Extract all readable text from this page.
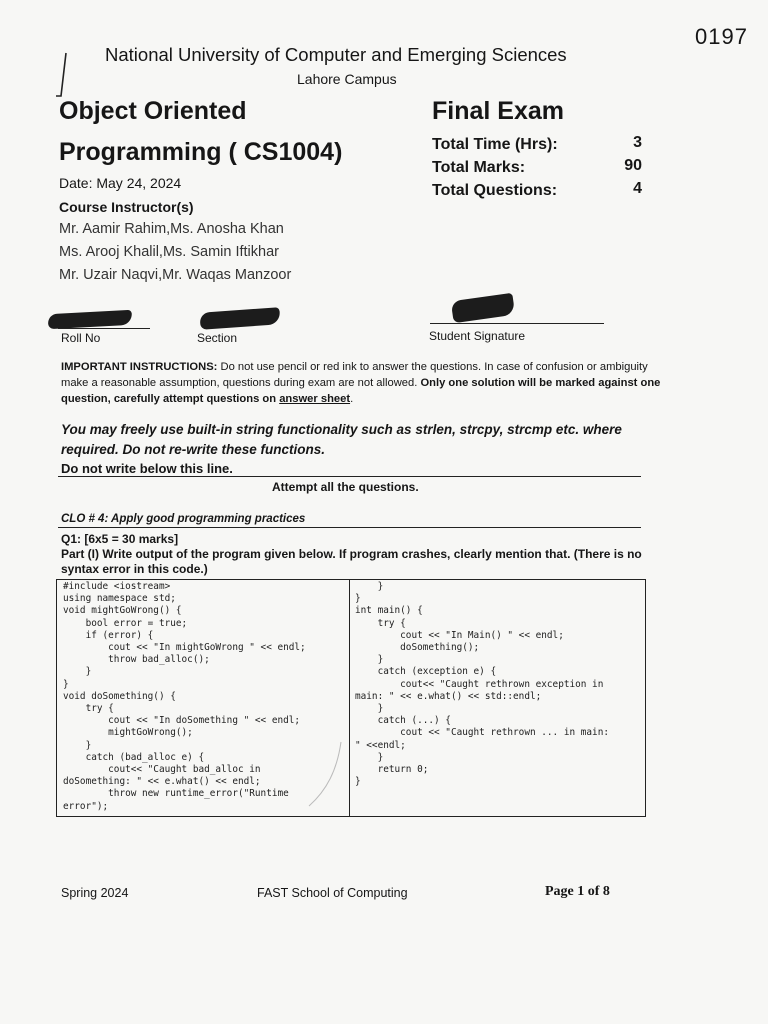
0197
National University of Computer and Emerging Sciences
Lahore Campus
Object Oriented
Programming ( CS1004)
Final Exam
Total Time (Hrs):	3
Total Marks:	90
Total Questions:	4
Date: May 24, 2024
Course Instructor(s)
Mr. Aamir Rahim,Ms. Anosha Khan
Ms. Arooj Khalil,Ms. Samin Iftikhar
Mr. Uzair Naqvi,Mr. Waqas Manzoor
Roll No	Section	Student Signature
IMPORTANT INSTRUCTIONS: Do not use pencil or red ink to answer the questions. In case of confusion or ambiguity make a reasonable assumption, questions during exam are not allowed. Only one solution will be marked against one question, carefully attempt questions on answer sheet.
You may freely use built-in string functionality such as strlen, strcpy, strcmp etc. where required. Do not re-write these functions.
Do not write below this line.
Attempt all the questions.
CLO # 4: Apply good programming practices
Q1: [6x5 = 30 marks]
Part (I) Write output of the program given below. If program crashes, clearly mention that. (There is no syntax error in this code.)
#include <iostream>
using namespace std;
void mightGoWrong() {
bool error = true;
if (error) {
cout << "In mightGoWrong " << endl;
throw bad_alloc();
}
}
void doSomething() {
try {
cout << "In doSomething " << endl;
mightGoWrong();
}
catch (bad_alloc e) {
cout<< "Caught bad_alloc in
doSomething: " << e.what() << endl;
throw new runtime_error("Runtime
error");
}
}
int main() {
try {
cout << "In Main() " << endl;
doSomething();
}
catch (exception e) {
cout<< "Caught rethrown exception in
main: " << e.what() << std::endl;
}
catch (...) {
cout << "Caught rethrown ... in main:
" <<endl;
}
return 0;
}
Spring 2024	FAST School of Computing	Page 1 of 8
